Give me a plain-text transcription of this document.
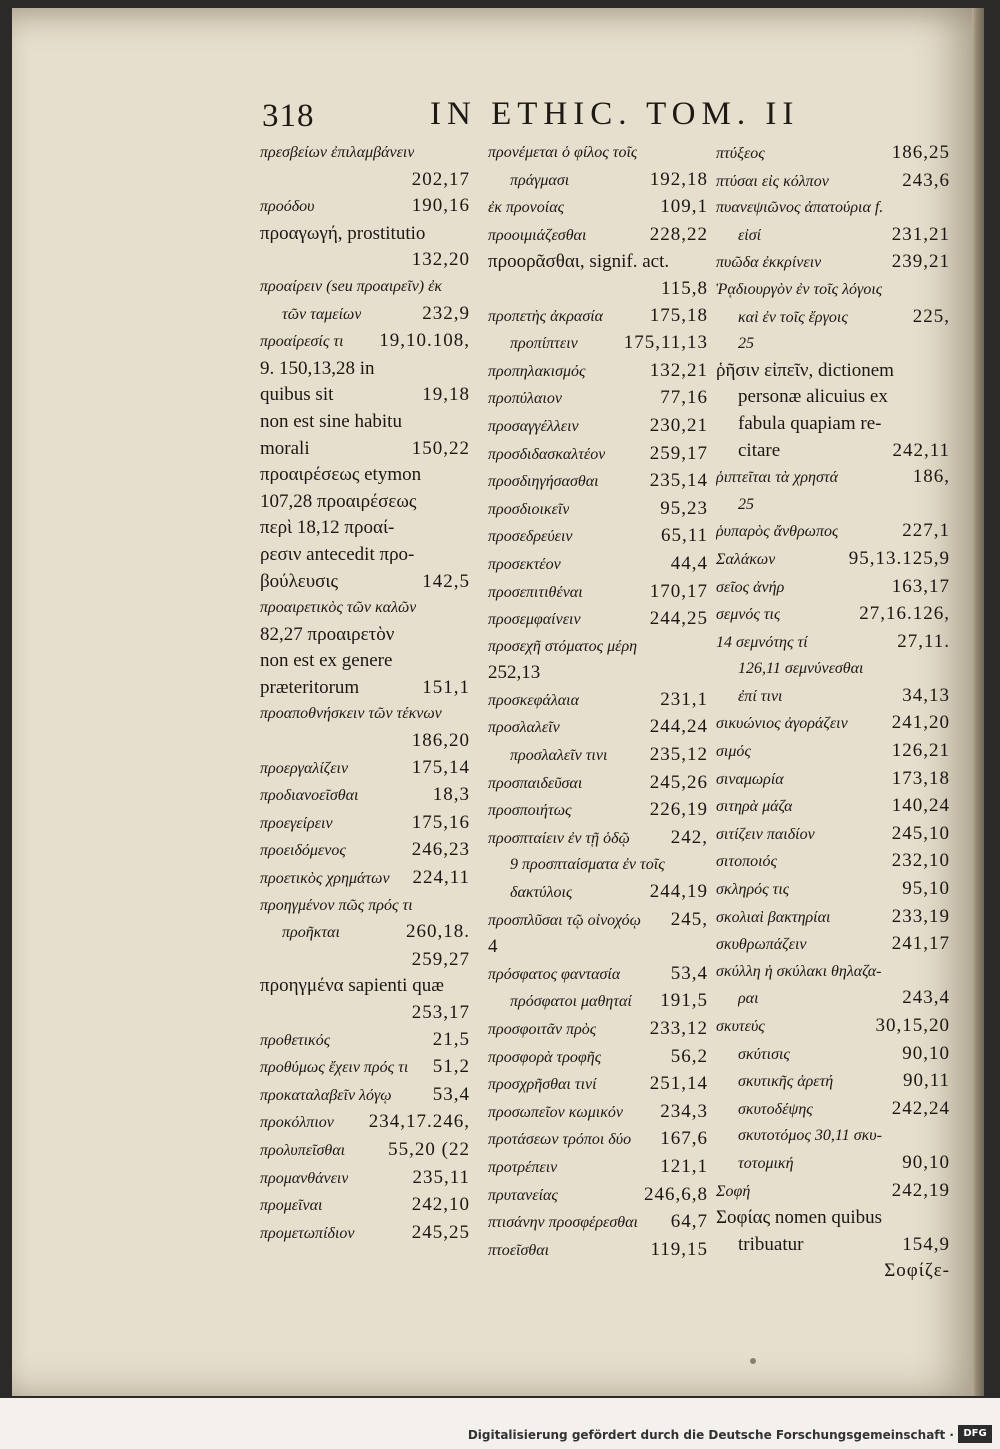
318	IN ETHIC. TOM. II
πρεσβείων ἐπιλαμβάνειν
202,17
προόδου	190,16
προαγωγή, prostitutio
132,20
προαίρειν (seu προαιρεῖν) ἐκ
τῶν ταμείων	232,9
προαίρεσίς τι 19,10.108,
9. 150,13,28 in
quibus sit	19,18
non est sine habitu
morali	150,22
προαιρέσεως etymon
107,28 προαιρέσεως
περὶ 18,12 προαί-
ρεσιν antecedit προ-
βούλευσις	142,5
προαιρετικὸς τῶν καλῶν
82,27 προαιρετὸν
non est ex genere
præteritorum	151,1
προαποθνήσκειν τῶν τέκνων
186,20
προεργαλίζειν	175,14
προδιανοεῖσθαι	18,3
προεγείρειν	175,16
προειδόμενος	246,23
προετικὸς χρημάτων 224,11
προηγμένον πῶς πρός τι
προῆκται	260,18.
259,27
προηγμένα sapienti quæ
253,17
προθετικός	21,5
προθύμως ἔχειν πρός τι 51,2
προκαταλαβεῖν λόγῳ 53,4
προκόλπιον 234,17.246,
προλυπεῖσθαι 55,20 (22
προμανθάνειν	235,11
προμεῖναι	242,10
προμετωπίδιον	245,25
προνέμεται ὁ φίλος τοῖς
πράγμασι	192,18
ἐκ προνοίας	109,1
προοιμιάζεσθαι	228,22
προορᾶσθαι, signif. act.
115,8
προπετὴς ἀκρασία 175,18
προπίπτειν 175,11,13
προπηλακισμός	132,21
προπύλαιον	77,16
προσαγγέλλειν	230,21
προσδιδασκαλτέον 259,17
προσδιηγήσασθαι	235,14
προσδιοικεῖν	95,23
προσεδρεύειν	65,11
προσεκτέον	44,4
προσεπιτιθέναι	170,17
προσεμφαίνειν	244,25
προσεχῆ στόματος μέρη
252,13
προσκεφάλαια	231,1
προσλαλεῖν	244,24
προσλαλεῖν τινι 235,12
προσπαιδεῦσαι	245,26
προσποιήτως	226,19
προσπταίειν ἐν τῇ ὁδῷ 242,
9 προσπταίσματα ἐν τοῖς
δακτύλοις	244,19
προσπλῦσαι τῷ οἰνοχόῳ 245,
4
πρόσφατος φαντασία	53,4
πρόσφατοι μαθηταί 191,5
προσφοιτᾶν πρὸς	233,12
προσφορὰ τροφῆς	56,2
προσχρῆσθαι τινί	251,14
προσωπεῖον κωμικόν 234,3
προτάσεων τρόποι δύο 167,6
προτρέπειν	121,1
πρυτανείας	246,6,8
πτισάνην προσφέρεσθαι 64,7
πτοεῖσθαι	119,15
πτύξεος	186,25
πτύσαι εἰς κόλπον	243,6
πυανεψιῶνος ἀπατούρια f.
εἰσί	231,21
πυῶδα ἐκκρίνειν	239,21
Ῥᾳδιουργὸν ἐν τοῖς λόγοις
καὶ ἐν τοῖς ἔργοις	225,
25
ῥῆσιν εἰπεῖν, dictionem
personæ alicuius ex
fabula quapiam re-
citare	242,11
ῥιπτεῖται τὰ χρηστά	186,
25
ῥυπαρὸς ἄνθρωπος	227,1
Σαλάκων	95,13.125,9
σεῖος ἀνήρ	163,17
σεμνός τις	27,16.126,
14 σεμνότης τί	27,11.
126,11 σεμνύνεσθαι
ἐπί τινι	34,13
σικυώνιος ἀγοράζειν 241,20
σιμός	126,21
σιναμωρία	173,18
σιτηρὰ μάζα	140,24
σιτίζειν παιδίον	245,10
σιτοποιός	232,10
σκληρός τις	95,10
σκολιαὶ βακτηρίαι	233,19
σκυθρωπάζειν	241,17
σκύλλη ἡ σκύλακι θηλαζα-
ραι	243,4
σκυτεύς	30,15,20
σκύτισις	90,10
σκυτικῆς ἀρετή	90,11
σκυτοδέψης	242,24
σκυτοτόμος 30,11 σκυ-
τοτομική	90,10
Σοφή	242,19
Σοφίας nomen quibus
tribuatur	154,9
Σοφίζε-
Digitalisierung gefördert durch die Deutsche Forschungsgemeinschaft · DFG
